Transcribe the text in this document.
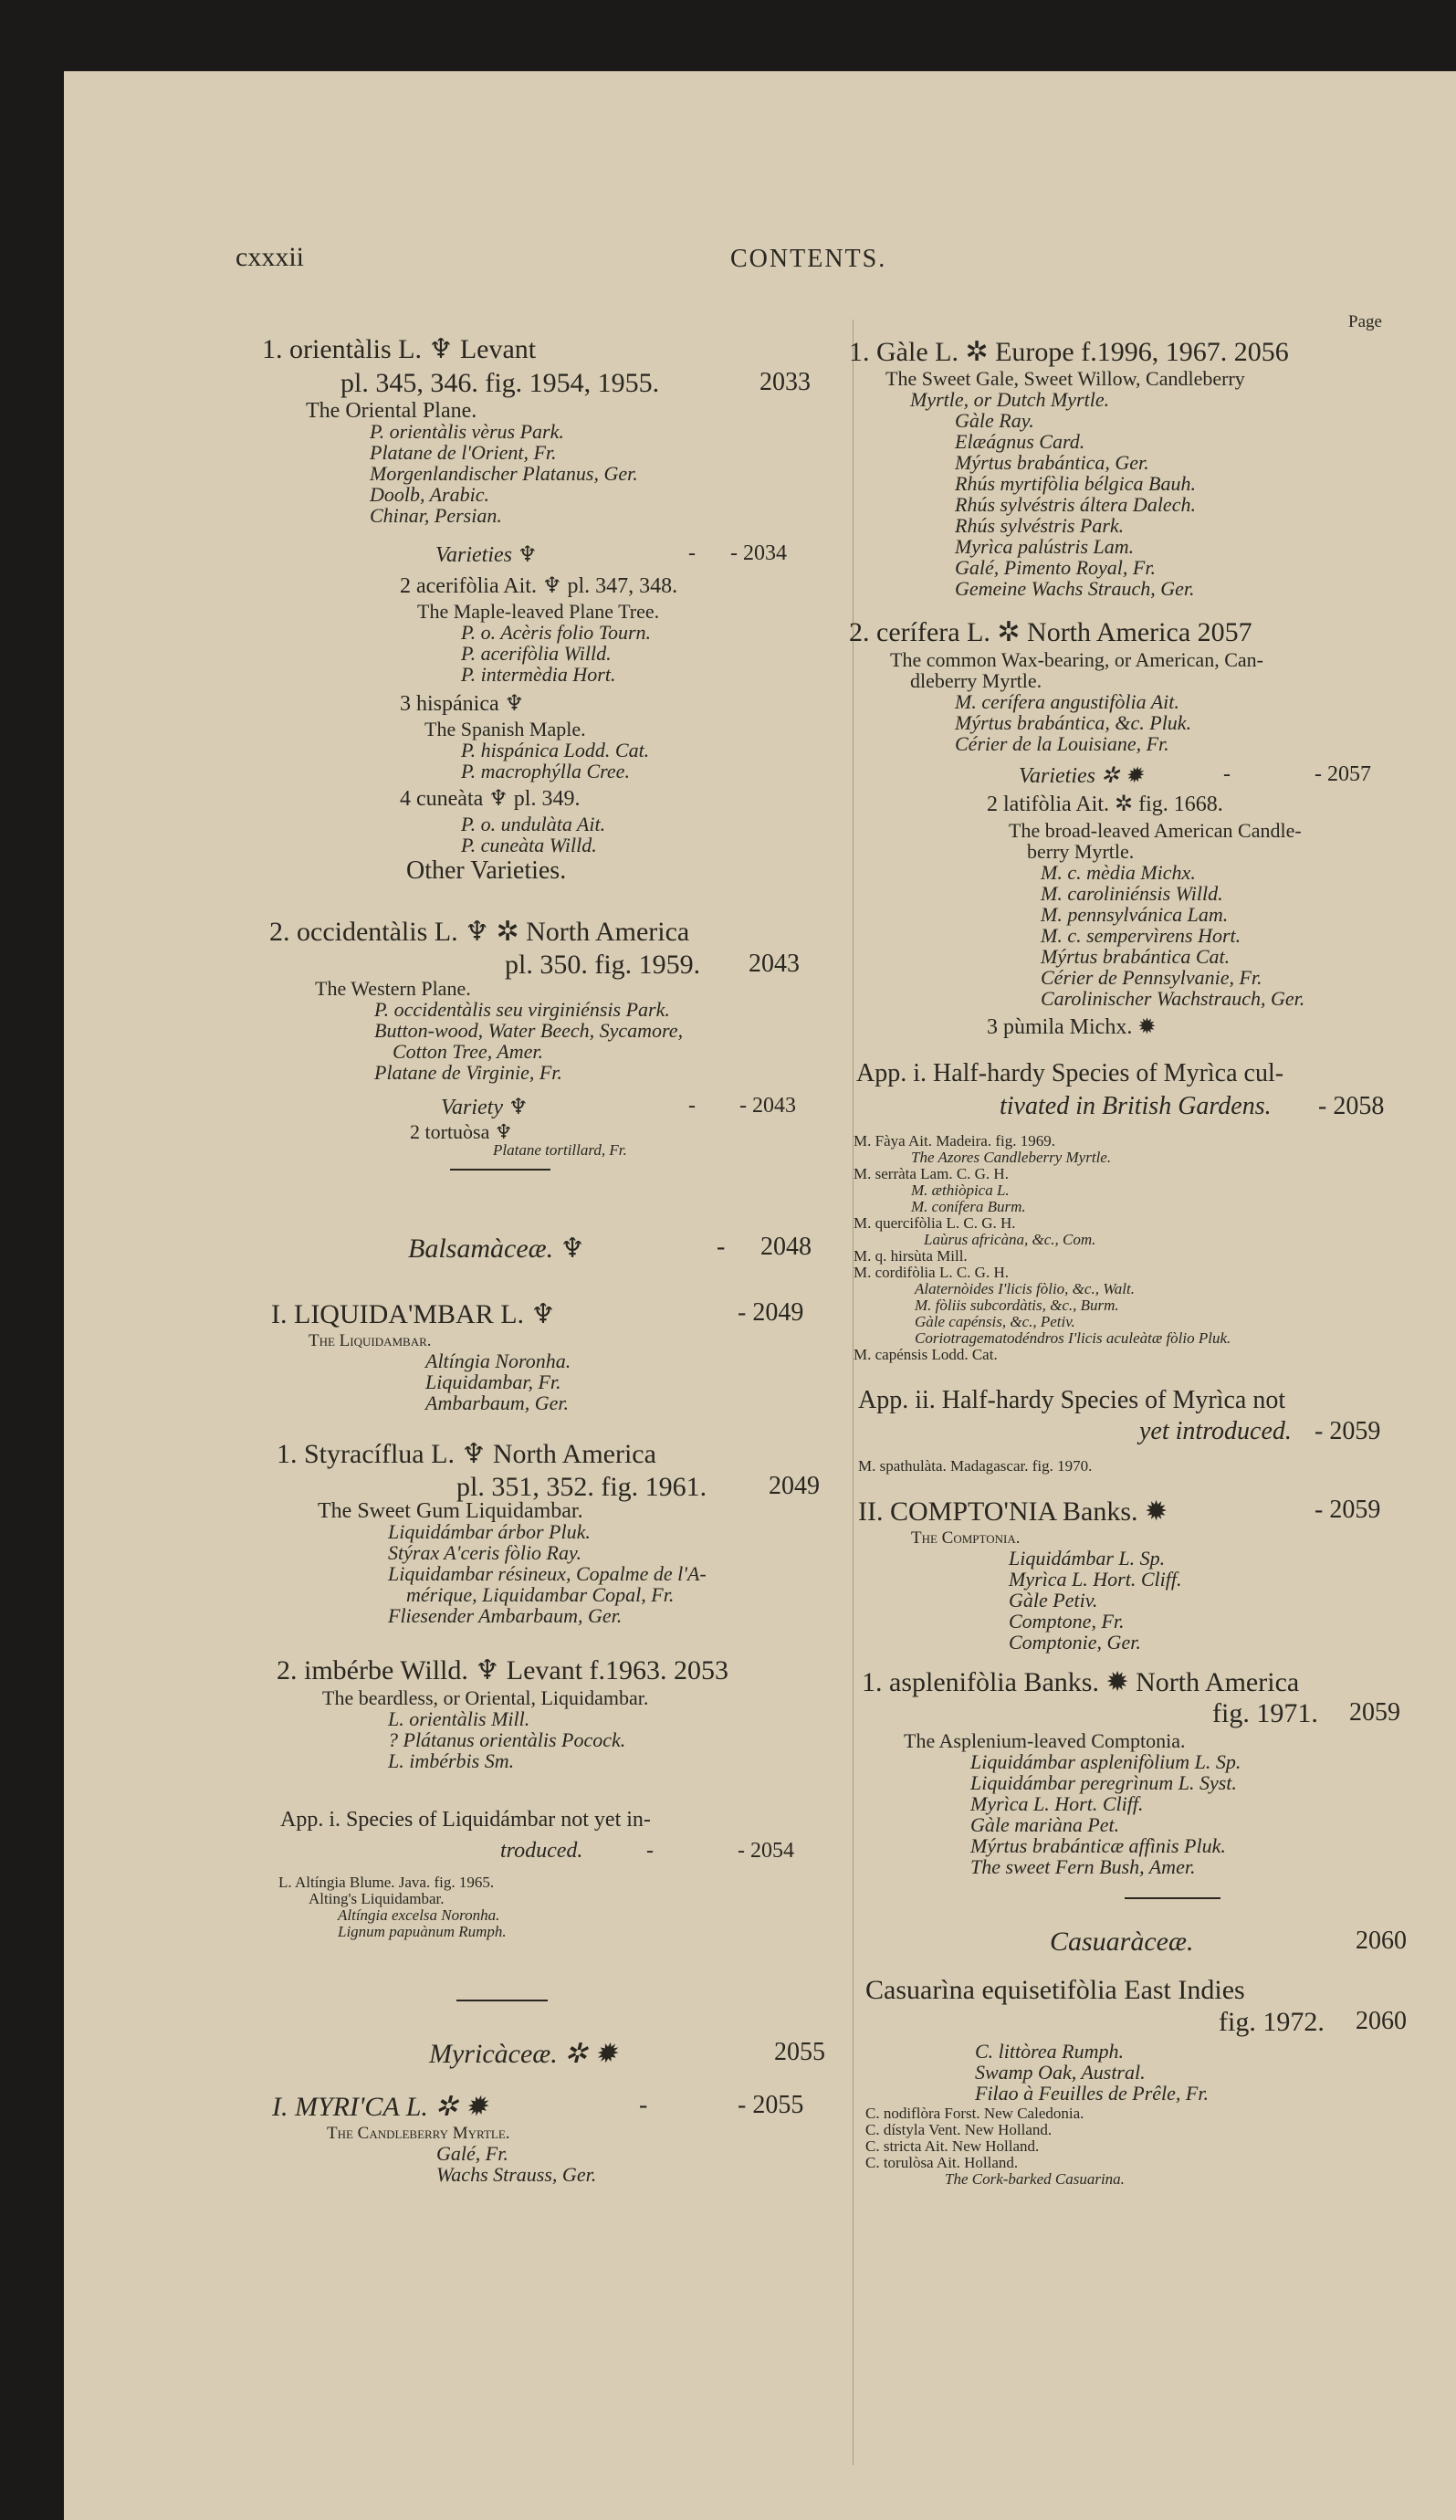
cxxxii	CONTENTS.
1. orientàlis L. ♆ Levant
pl. 345, 346. fig. 1954, 1955.	2033
The Oriental Plane.
P. orientàlis vèrus Park.
Platane de l'Orient, Fr.
Morgenlandischer Platanus, Ger.
Doolb, Arabic.
Chinar, Persian.
Varieties ♆	- - 2034
2 acerifòlia Ait. ♆ pl. 347, 348.
The Maple-leaved Plane Tree.
P. o. Acèris folio Tourn.
P. acerifòlia Willd.
P. intermèdia Hort.
3 hispánica ♆
The Spanish Maple.
P. hispánica Lodd. Cat.
P. macrophýlla Cree.
4 cuneàta ♆ pl. 349.
P. o. undulàta Ait.
P. cuneàta Willd.
Other Varieties.
2. occidentàlis L. ♆ ✲ North America
pl. 350. fig. 1959. 2043
The Western Plane.
P. occidentàlis seu virginiénsis Park.
Button-wood, Water Beech, Sycamore,
Cotton Tree, Amer.
Platane de Virginie, Fr.
Variety ♆	- - 2043
2 tortuòsa ♆
Platane tortillard, Fr.
Balsamàceæ. ♆	- 2048
I. LIQUIDA'MBAR L. ♆	- 2049
The Liquidambar.
Altíngia Noronha.
Liquidambar, Fr.
Ambarbaum, Ger.
1. Styracíflua L. ♆ North America
pl. 351, 352. fig. 1961. 2049
The Sweet Gum Liquidambar.
Liquidámbar árbor Pluk.
Stýrax A'ceris fòlio Ray.
Liquidambar résineux, Copalme de l'A-
mérique, Liquidambar Copal, Fr.
Fliesender Ambarbaum, Ger.
2. imbérbe Willd. ♆ Levant f.1963. 2053
The beardless, or Oriental, Liquidambar.
L. orientàlis Mill.
? Plátanus orientàlis Pocock.
L. imbérbis Sm.
App. i. Species of Liquidámbar not yet in-
troduced.	-	- 2054
L. Altíngia Blume. Java. fig. 1965.
Alting's Liquidambar.
Altíngia excelsa Noronha.
Lignum papuànum Rumph.
Myricàceæ. ✲ ✹	2055
I. MYRI'CA L. ✲ ✹	-	- 2055
The Candleberry Myrtle.
Galé, Fr.
Wachs Strauss, Ger.
Page
1. Gàle L. ✲ Europe f.1996, 1967. 2056
The Sweet Gale, Sweet Willow, Candleberry
Myrtle, or Dutch Myrtle.
Gàle Ray.
Elæágnus Card.
Mýrtus brabántica, Ger.
Rhús myrtifòlia bélgica Bauh.
Rhús sylvéstris áltera Dalech.
Rhús sylvéstris Park.
Myrìca palústris Lam.
Galé, Pimento Royal, Fr.
Gemeine Wachs Strauch, Ger.
2. cerífera L. ✲ North America 2057
The common Wax-bearing, or American, Can-
dleberry Myrtle.
M. cerífera angustifòlia Ait.
Mýrtus brabántica, &c. Pluk.
Cérier de la Louisiane, Fr.
Varieties ✲ ✹	-	- 2057
2 latifòlia Ait. ✲ fig. 1668.
The broad-leaved American Candle-
berry Myrtle.
M. c. mèdia Michx.
M. caroliniénsis Willd.
M. pennsylvánica Lam.
M. c. sempervìrens Hort.
Mýrtus brabántica Cat.
Cérier de Pennsylvanie, Fr.
Carolinischer Wachstrauch, Ger.
3 pùmila Michx. ✹
App. i. Half-hardy Species of Myrìca cul-
tivated in British Gardens. - 2058
M. Fàya Ait. Madeira. fig. 1969.
The Azores Candleberry Myrtle.
M. serràta Lam. C. G. H.
M. æthiòpica L.
M. conífera Burm.
M. quercifòlia L. C. G. H.
Laùrus africàna, &c., Com.
M. q. hirsùta Mill.
M. cordifòlia L. C. G. H.
Alaternòides I'licis fòlio, &c., Walt.
M. fòliis subcordàtis, &c., Burm.
Gàle capénsis, &c., Petiv.
Coriotragematodéndros I'licis aculeàtæ fòlio Pluk.
M. capénsis Lodd. Cat.
App. ii. Half-hardy Species of Myrìca not
yet introduced. - 2059
M. spathulàta. Madagascar. fig. 1970.
II. COMPTO'NIA Banks. ✹	- 2059
The Comptonia.
Liquidámbar L. Sp.
Myrìca L. Hort. Cliff.
Gàle Petiv.
Comptone, Fr.
Comptonie, Ger.
1. asplenifòlia Banks. ✹ North America
fig. 1971. 2059
The Asplenium-leaved Comptonia.
Liquidámbar asplenifòlium L. Sp.
Liquidámbar peregrìnum L. Syst.
Myrìca L. Hort. Cliff.
Gàle mariàna Pet.
Mýrtus brabánticæ affìnis Pluk.
The sweet Fern Bush, Amer.
Casuaràceæ.	2060
Casuarìna equisetifòlia East Indies
fig. 1972. 2060
C. littòrea Rumph.
Swamp Oak, Austral.
Filao à Feuilles de Prêle, Fr.
C. nodiflòra Forst. New Caledonia.
C. dístyla Vent. New Holland.
C. stricta Ait. New Holland.
C. torulòsa Ait. Holland.
The Cork-barked Casuarina.
